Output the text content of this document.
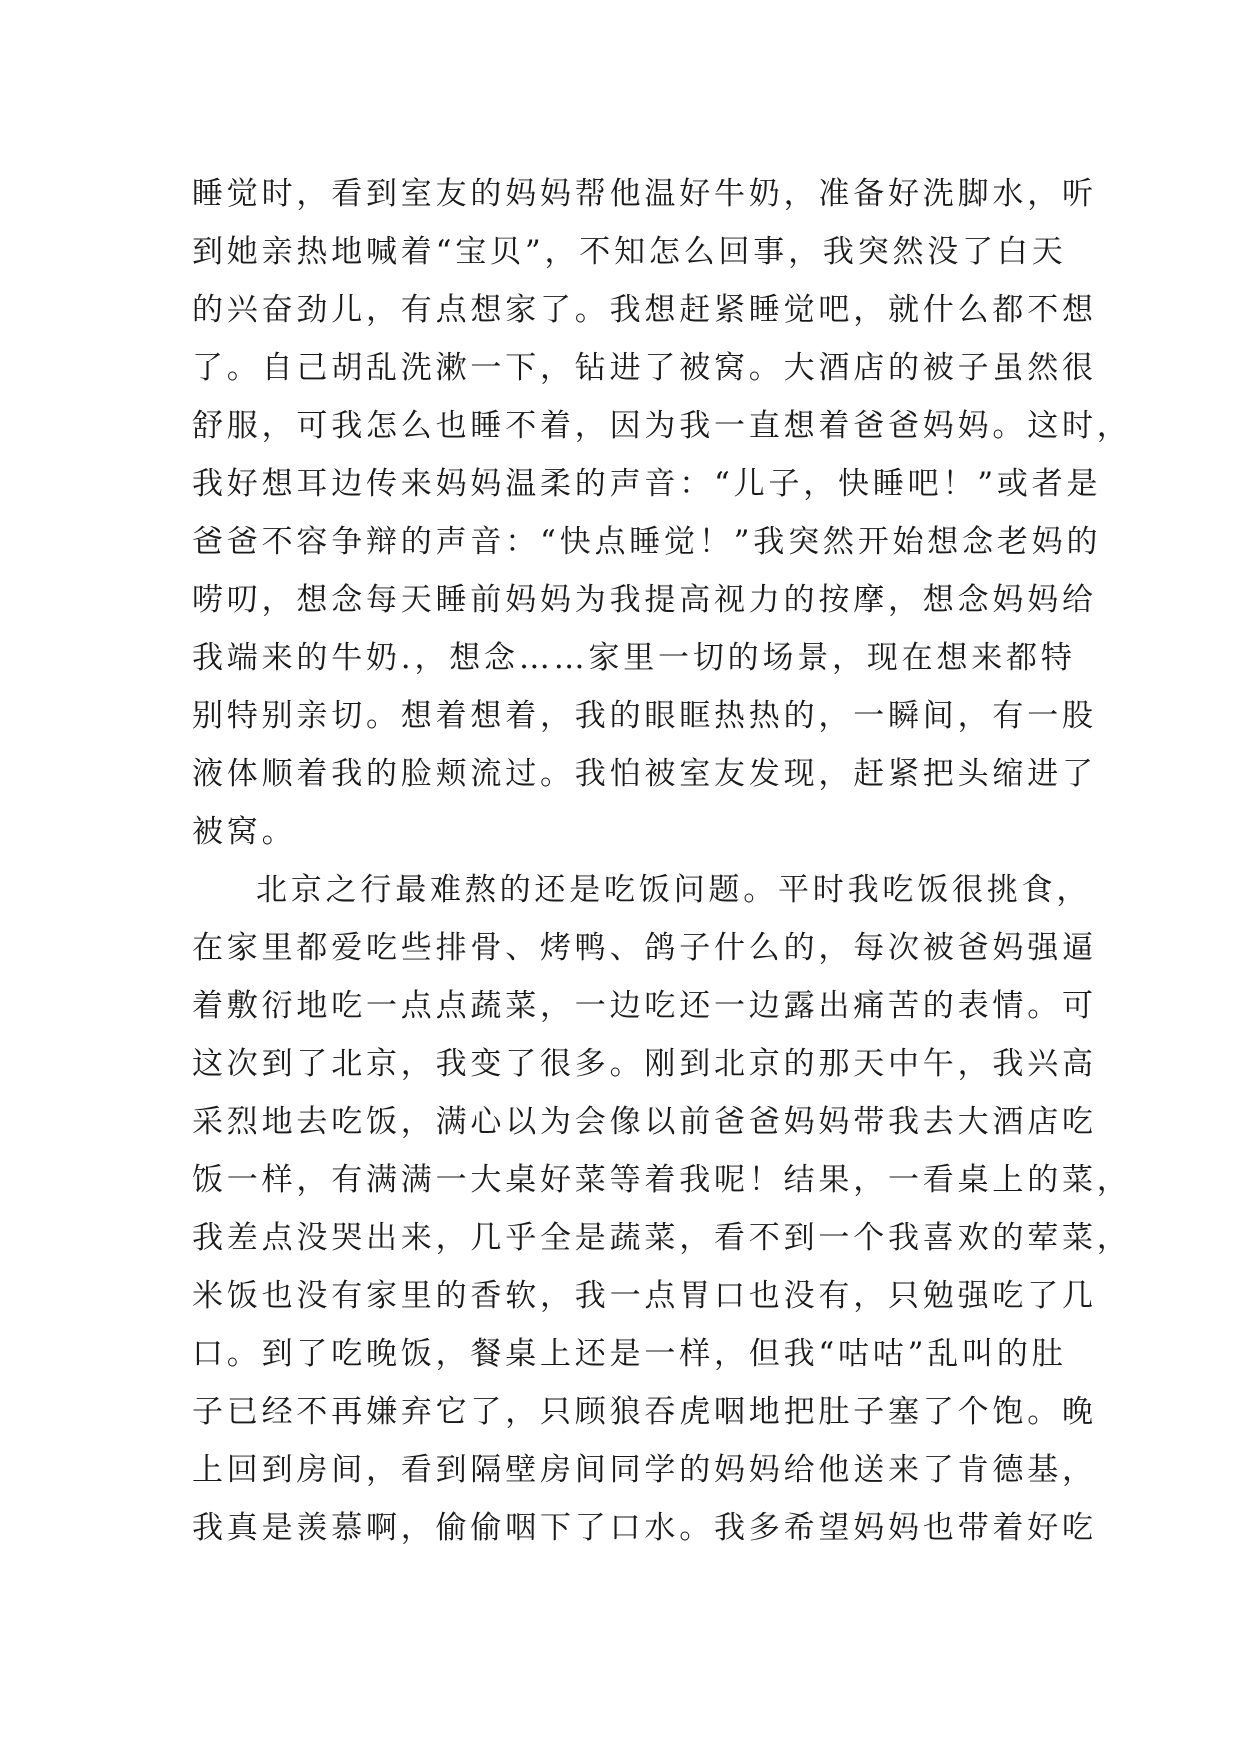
睡觉时，看到室友的妈妈帮他温好牛奶，准备好洗脚水，听
到她亲热地喊着“宝贝”，不知怎么回事，我突然没了白天
的兴奋劲儿，有点想家了。我想赶紧睡觉吧，就什么都不想
了。自己胡乱洗漱一下，钻进了被窝。大酒店的被子虽然很
舒服，可我怎么也睡不着，因为我一直想着爸爸妈妈。这时，
我好想耳边传来妈妈温柔的声音：“儿子，快睡吧！”或者是
爸爸不容争辩的声音：“快点睡觉！”我突然开始想念老妈的
唠叨，想念每天睡前妈妈为我提高视力的按摩，想念妈妈给
我端来的牛奶.，想念……家里一切的场景，现在想来都特
别特别亲切。想着想着，我的眼眶热热的，一瞬间，有一股
液体顺着我的脸颊流过。我怕被室友发现，赶紧把头缩进了
被窝。
北京之行最难熬的还是吃饭问题。平时我吃饭很挑食，
在家里都爱吃些排骨、烤鸭、鸽子什么的，每次被爸妈强逼
着敷衍地吃一点点蔬菜，一边吃还一边露出痛苦的表情。可
这次到了北京，我变了很多。刚到北京的那天中午，我兴高
采烈地去吃饭，满心以为会像以前爸爸妈妈带我去大酒店吃
饭一样，有满满一大桌好菜等着我呢！结果，一看桌上的菜，
我差点没哭出来，几乎全是蔬菜，看不到一个我喜欢的荤菜，
米饭也没有家里的香软，我一点胃口也没有，只勉强吃了几
口。到了吃晚饭，餐桌上还是一样，但我“咕咕”乱叫的肚
子已经不再嫌弃它了，只顾狼吞虎咽地把肚子塞了个饱。晚
上回到房间，看到隔壁房间同学的妈妈给他送来了肯德基，
我真是羡慕啊，偷偷咽下了口水。我多希望妈妈也带着好吃
